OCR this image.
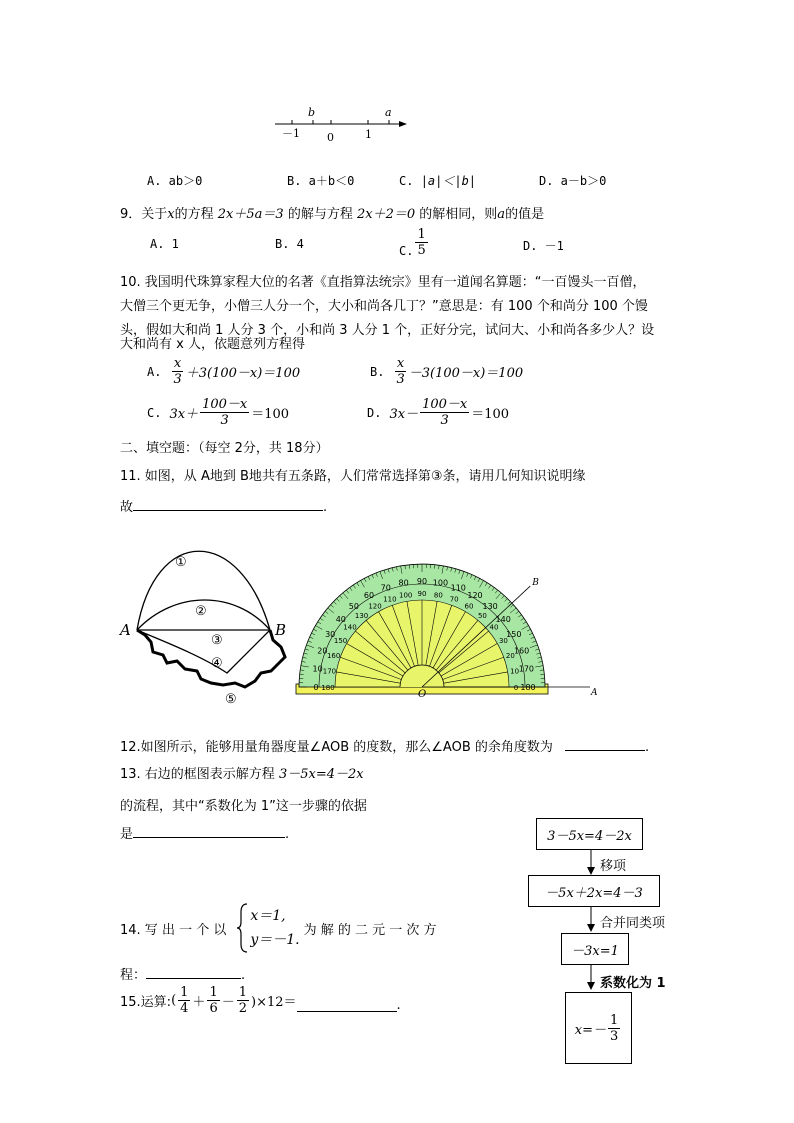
b	a
－1 0	1
A. ab＞0	B. a＋b＜0	C. |a|＜|b|	D. a－b＞0
9．关于x的方程 2x＋5a＝3 的解与方程 2x＋2＝0 的解相同，则a的值是
A. 1	B. 4	C. $\frac{1}{5}$	D. －1
10. 我国明代珠算家程大位的名著《直指算法统宗》里有一道闻名算题：“一百馒头一百僧，
大僧三个更无争，小僧三人分一个，大小和尚各几丁？”意思是：有 100 个和尚分 100 个馒
头，假如大和尚 1 人分 3 个，小和尚 3 人分 1 个，正好分完，试问大、小和尚各多少人？设
大和尚有 x 人，依题意列方程得
A. $\frac{x}{3} +3(100-x)=100$	B. $\frac{x}{3} -3(100-x)=100$
C. $3x+ \frac{100-x}{3} =100$	D. $3x- \frac{100-x}{3} =100$
二、填空题：（每空 2分，共 18分）
11. 如图，从 A地到 B地共有五条路，人们常常选择第③条，请用几何知识说明缘
故	.
A	B
①
②
③
④
⑤
0
10
20
30
40
50
60
70
80 90 100
110
120
130
140
150
160
170
180
180
170
160
150
140
130
120
110
100 90 80
70
60
50
40
30
20
10
0
O	A
B
12.如图所示，能够用量角器度量∠AOB 的度数，那么∠AOB 的余角度数为	.
13. 右边的框图表示解方程 3－5x=4－2x
的流程，其中“系数化为 1”这一步骤的依据
是	.	3－5x=4－2x
移项
－5x＋2x=4－3
合并同类项
－3x=1
系数化为 1
$x=- \frac{1}{3}$
14. 写 出 一 个 以
x＝1,
y＝－1.
为 解 的 二 元 一 次 方
程：	.
15.运算: ( $\frac{1}{4} + \frac{1}{6} - \frac{1}{2} )\times 12=$	.
